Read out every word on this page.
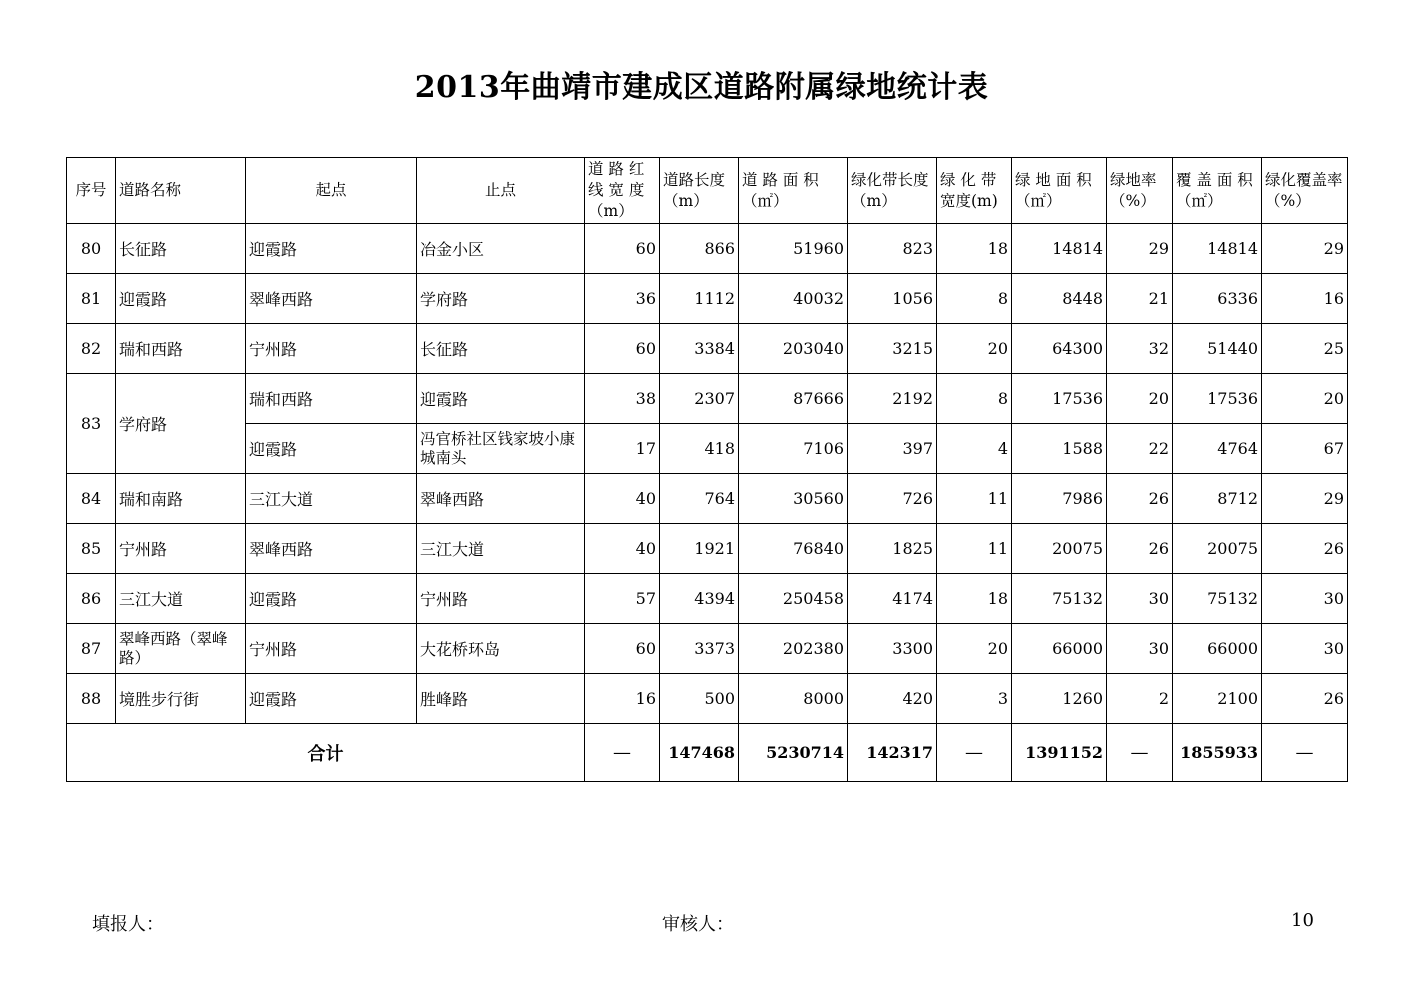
2013年曲靖市建成区道路附属绿地统计表
序号	道路名称	起点	止点	道 路 红 线 宽 度 （m）	道路长度（m）	道 路 面 积 （㎡）	绿化带长度（m）	绿 化 带 宽度(m)	绿 地 面 积 （㎡）	绿地率 （%）	覆 盖 面 积 （㎡）	绿化覆盖率（%）
80	长征路	迎霞路	冶金小区	60	866	51960	823	18	14814	29	14814	29
81	迎霞路	翠峰西路	学府路	36	1112	40032	1056	8	8448	21	6336	16
82	瑞和西路	宁州路	长征路	60	3384	203040	3215	20	64300	32	51440	25
83	学府路	瑞和西路	迎霞路	38	2307	87666	2192	8	17536	20	17536	20
		迎霞路	冯官桥社区钱家坡小康城南头	17	418	7106	397	4	1588	22	4764	67
84	瑞和南路	三江大道	翠峰西路	40	764	30560	726	11	7986	26	8712	29
85	宁州路	翠峰西路	三江大道	40	1921	76840	1825	11	20075	26	20075	26
86	三江大道	迎霞路	宁州路	57	4394	250458	4174	18	75132	30	75132	30
87	翠峰西路（翠峰路）	宁州路	大花桥环岛	60	3373	202380	3300	20	66000	30	66000	30
88	境胜步行街	迎霞路	胜峰路	16	500	8000	420	3	1260	2	2100	26
合计				—	147468	5230714	142317	—	1391152	—	1855933	—
填报人：	审核人：	10
